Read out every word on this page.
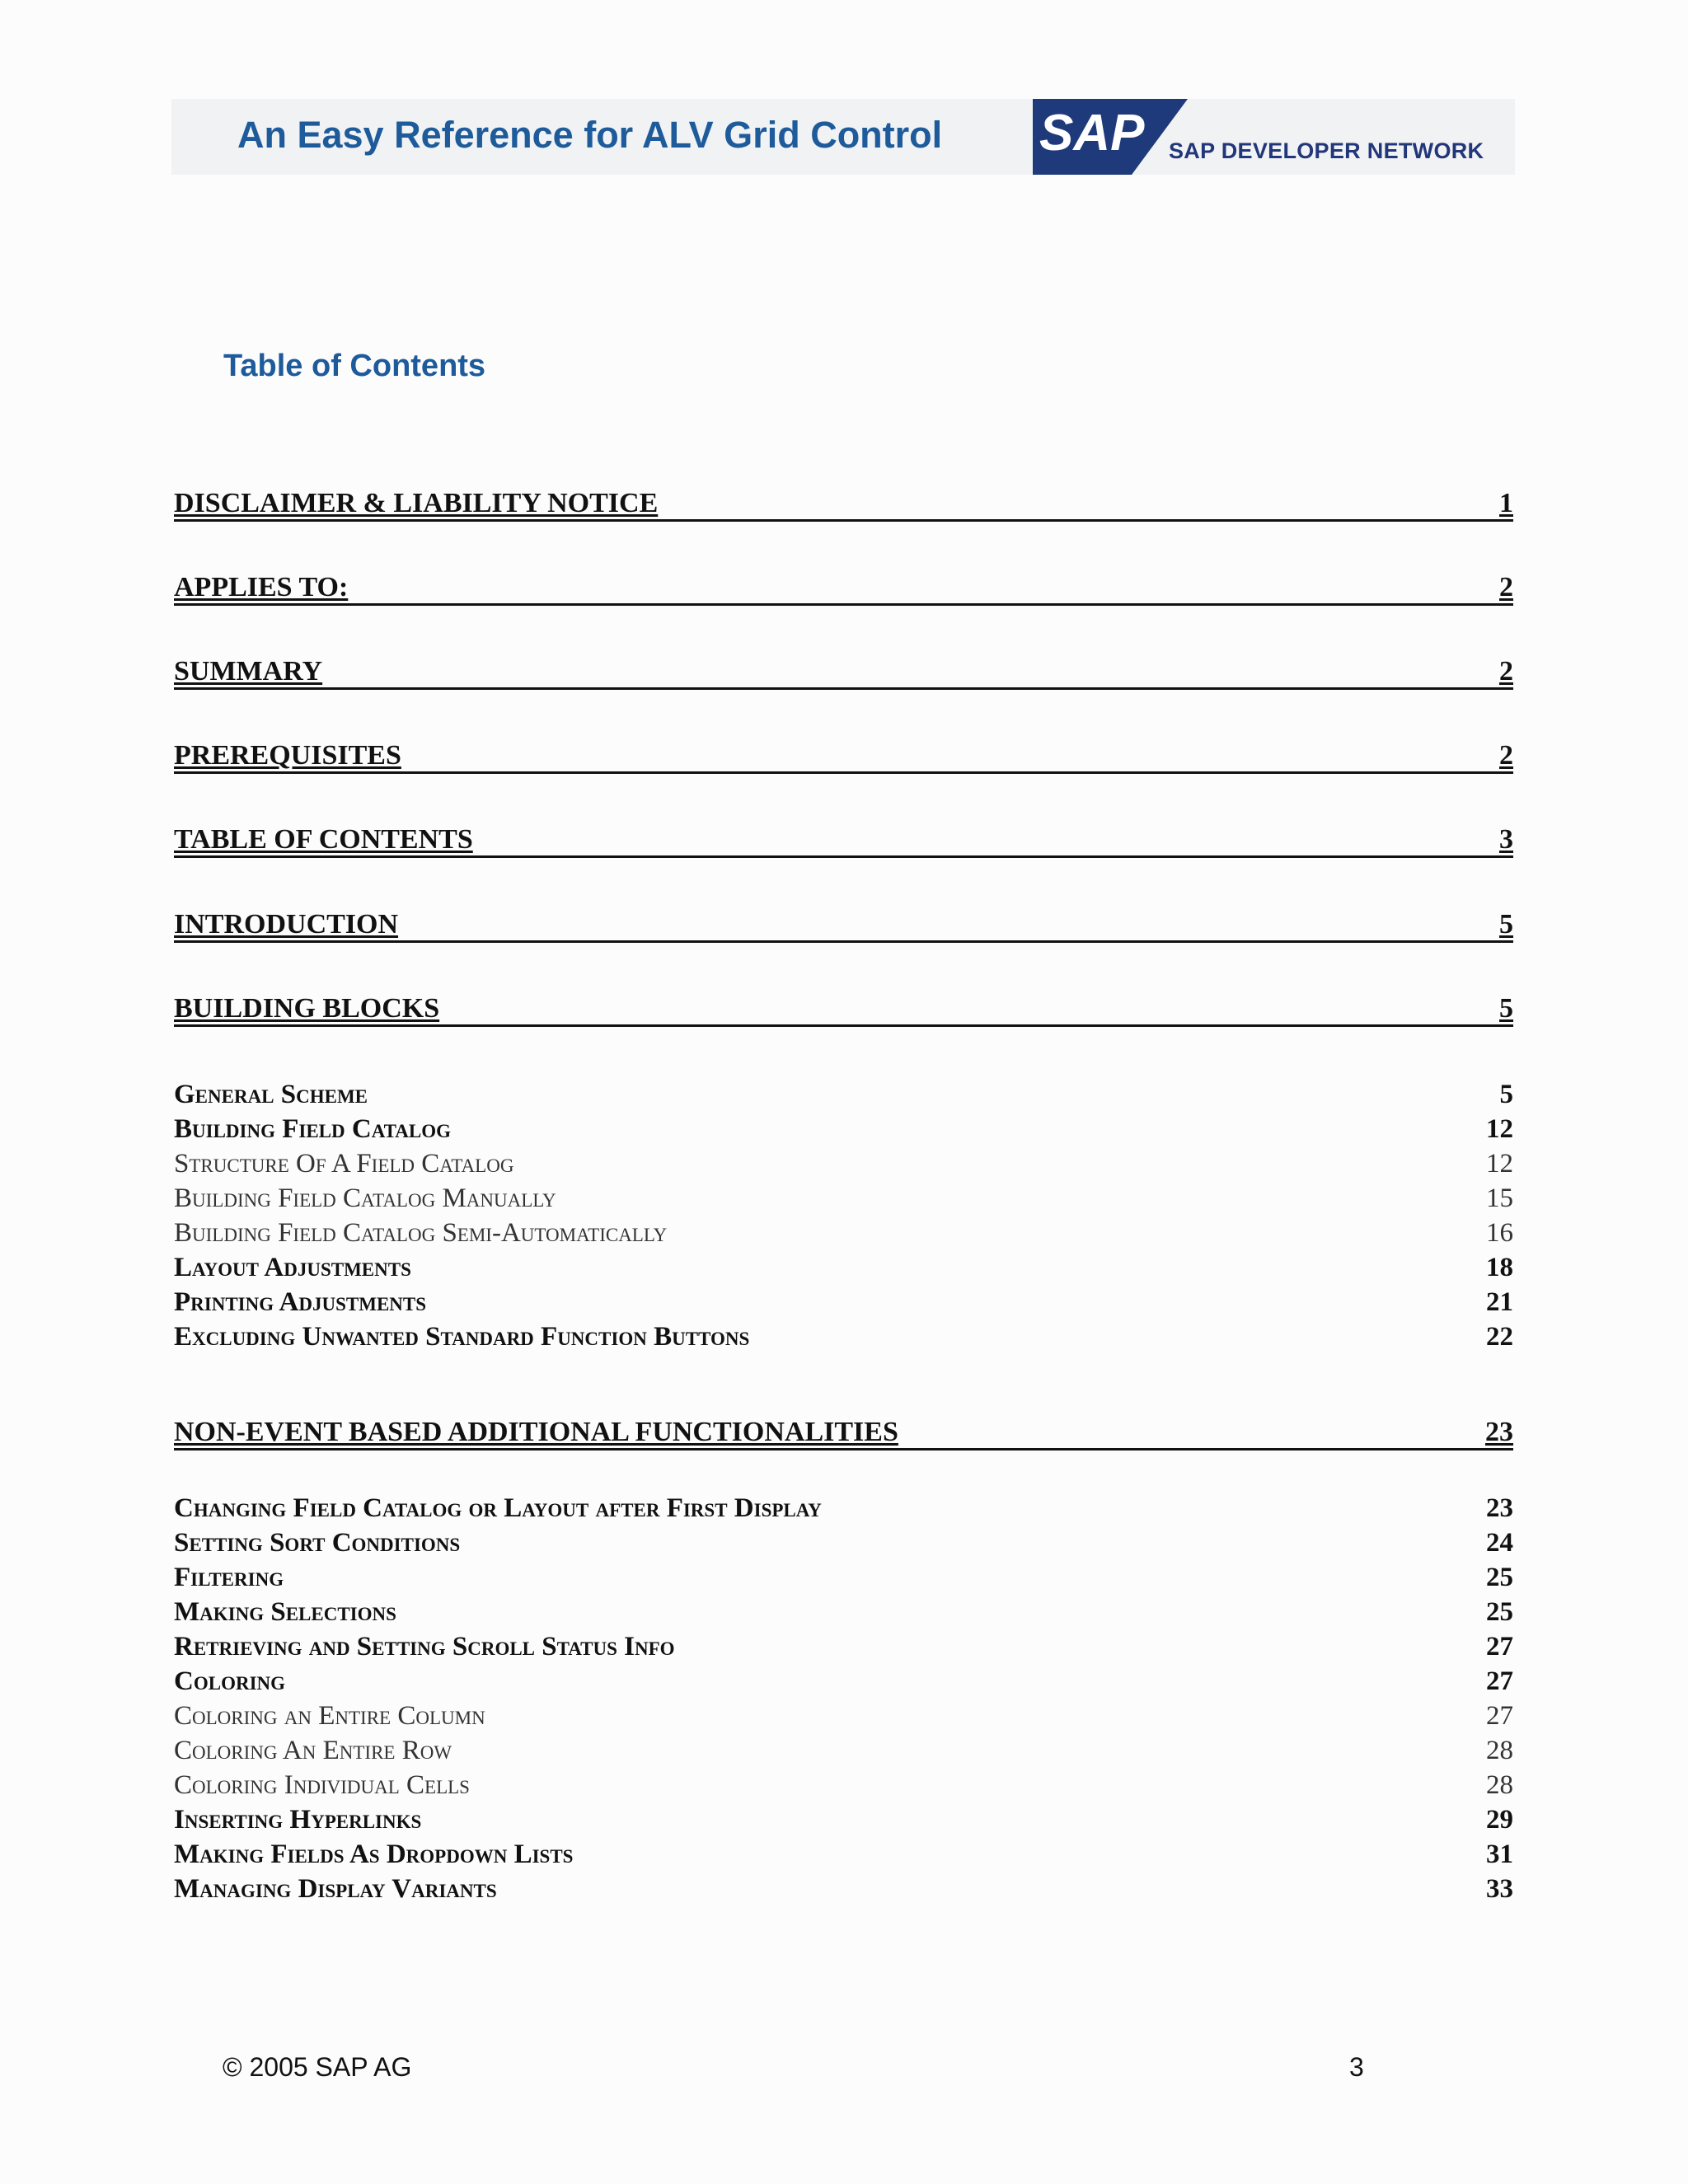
An Easy Reference for ALV Grid Control SAP SAP DEVELOPER NETWORK
Table of Contents
DISCLAIMER & LIABILITY NOTICE	1
APPLIES TO:	2
SUMMARY	2
PREREQUISITES	2
TABLE OF CONTENTS	3
INTRODUCTION	5
BUILDING BLOCKS	5
General Scheme	5
Building Field Catalog	12
Structure Of A Field Catalog	12
Building Field Catalog Manually	15
Building Field Catalog Semi-Automatically	16
Layout Adjustments	18
Printing Adjustments	21
Excluding Unwanted Standard Function Buttons	22
NON-EVENT BASED ADDITIONAL FUNCTIONALITIES	23
Changing Field Catalog or Layout after First Display	23
Setting Sort Conditions	24
Filtering	25
Making Selections	25
Retrieving and Setting Scroll Status Info	27
Coloring	27
Coloring an Entire Column	27
Coloring An Entire Row	28
Coloring Individual Cells	28
Inserting Hyperlinks	29
Making Fields As Dropdown Lists	31
Managing Display Variants	33
© 2005 SAP AG	3
